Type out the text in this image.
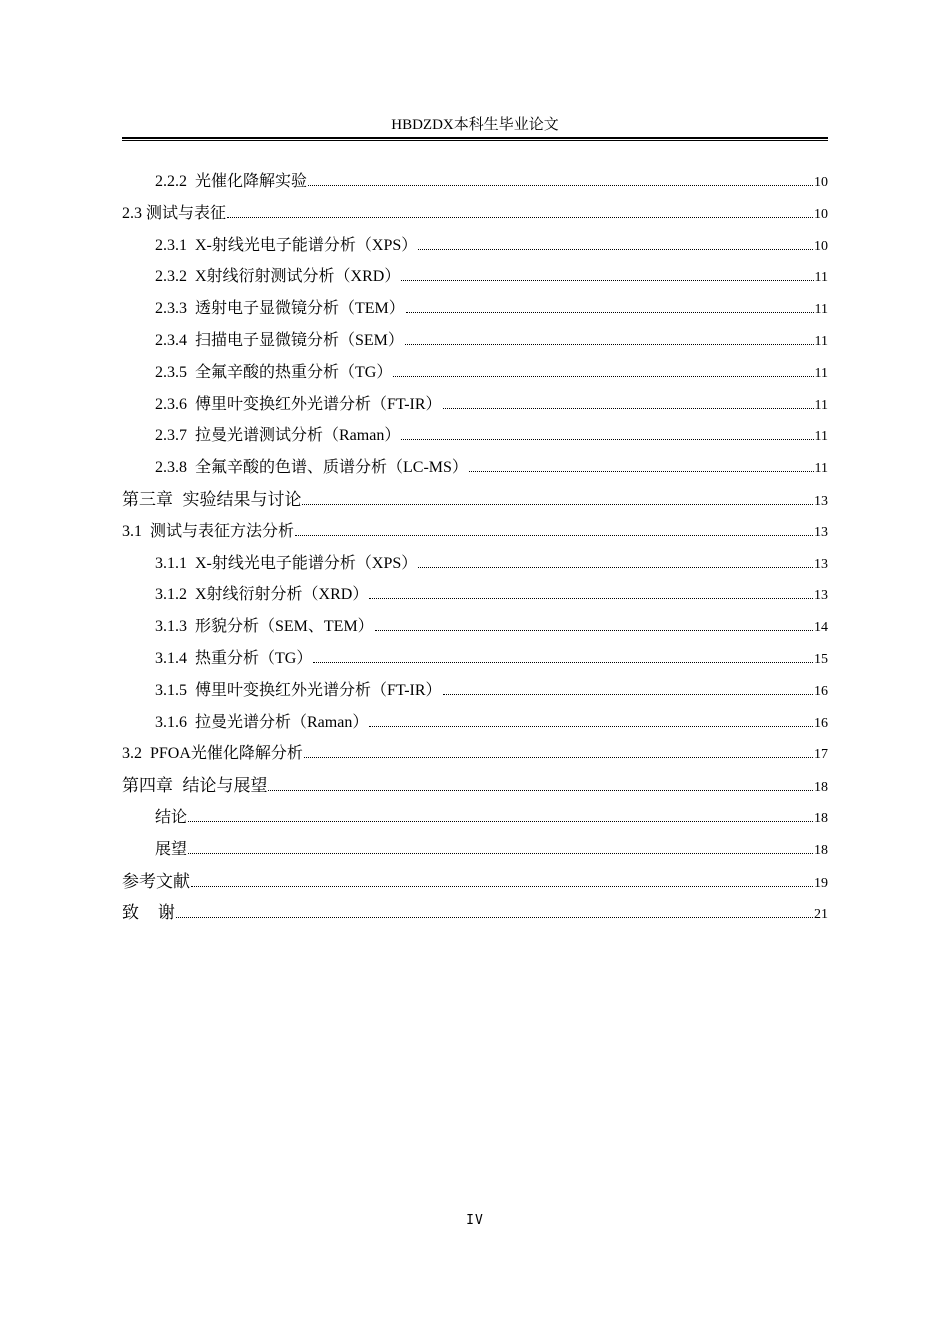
HBDZDX本科生毕业论文
2.2.2  光催化降解实验	10
2.3 测试与表征	10
2.3.1  X-射线光电子能谱分析（XPS）	10
2.3.2  X射线衍射测试分析（XRD）	11
2.3.3  透射电子显微镜分析（TEM）	11
2.3.4  扫描电子显微镜分析（SEM）	11
2.3.5  全氟辛酸的热重分析（TG）	11
2.3.6  傅里叶变换红外光谱分析（FT-IR）	11
2.3.7  拉曼光谱测试分析（Raman）	11
2.3.8  全氟辛酸的色谱、质谱分析（LC-MS）	11
第三章  实验结果与讨论	13
3.1  测试与表征方法分析	13
3.1.1  X-射线光电子能谱分析（XPS）	13
3.1.2  X射线衍射分析（XRD）	13
3.1.3  形貌分析（SEM、TEM）	14
3.1.4  热重分析（TG）	15
3.1.5  傅里叶变换红外光谱分析（FT-IR）	16
3.1.6  拉曼光谱分析（Raman）	16
3.2  PFOA光催化降解分析	17
第四章  结论与展望	18
结论	18
展望	18
参考文献	19
致    谢	21
IV
